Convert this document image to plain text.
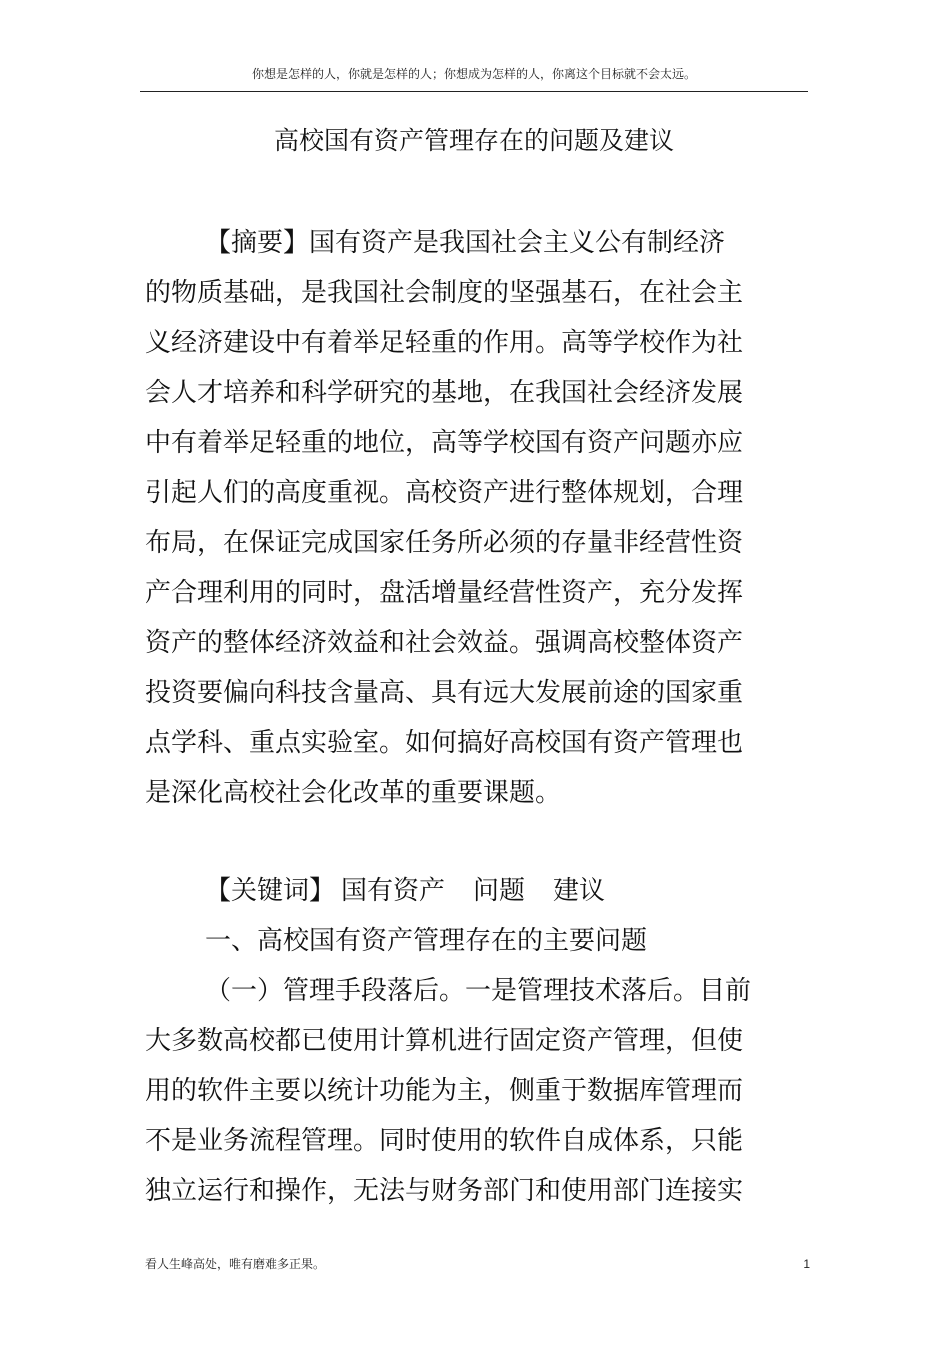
你想是怎样的人，你就是怎样的人；你想成为怎样的人，你离这个目标就不会太远。
高校国有资产管理存在的问题及建议
【摘要】国有资产是我国社会主义公有制经济
的物质基础，是我国社会制度的坚强基石，在社会主
义经济建设中有着举足轻重的作用。高等学校作为社
会人才培养和科学研究的基地，在我国社会经济发展
中有着举足轻重的地位，高等学校国有资产问题亦应
引起人们的高度重视。高校资产进行整体规划，合理
布局，在保证完成国家任务所必须的存量非经营性资
产合理利用的同时，盘活增量经营性资产，充分发挥
资产的整体经济效益和社会效益。强调高校整体资产
投资要偏向科技含量高、具有远大发展前途的国家重
点学科、重点实验室。如何搞好高校国有资产管理也
是深化高校社会化改革的重要课题。
【关键词】 国有资产 问题 建议
一、高校国有资产管理存在的主要问题
（一）管理手段落后。一是管理技术落后。目前
大多数高校都已使用计算机进行固定资产管理，但使
用的软件主要以统计功能为主，侧重于数据库管理而
不是业务流程管理。同时使用的软件自成体系，只能
独立运行和操作，无法与财务部门和使用部门连接实
看人生峰高处，唯有磨难多正果。	1
